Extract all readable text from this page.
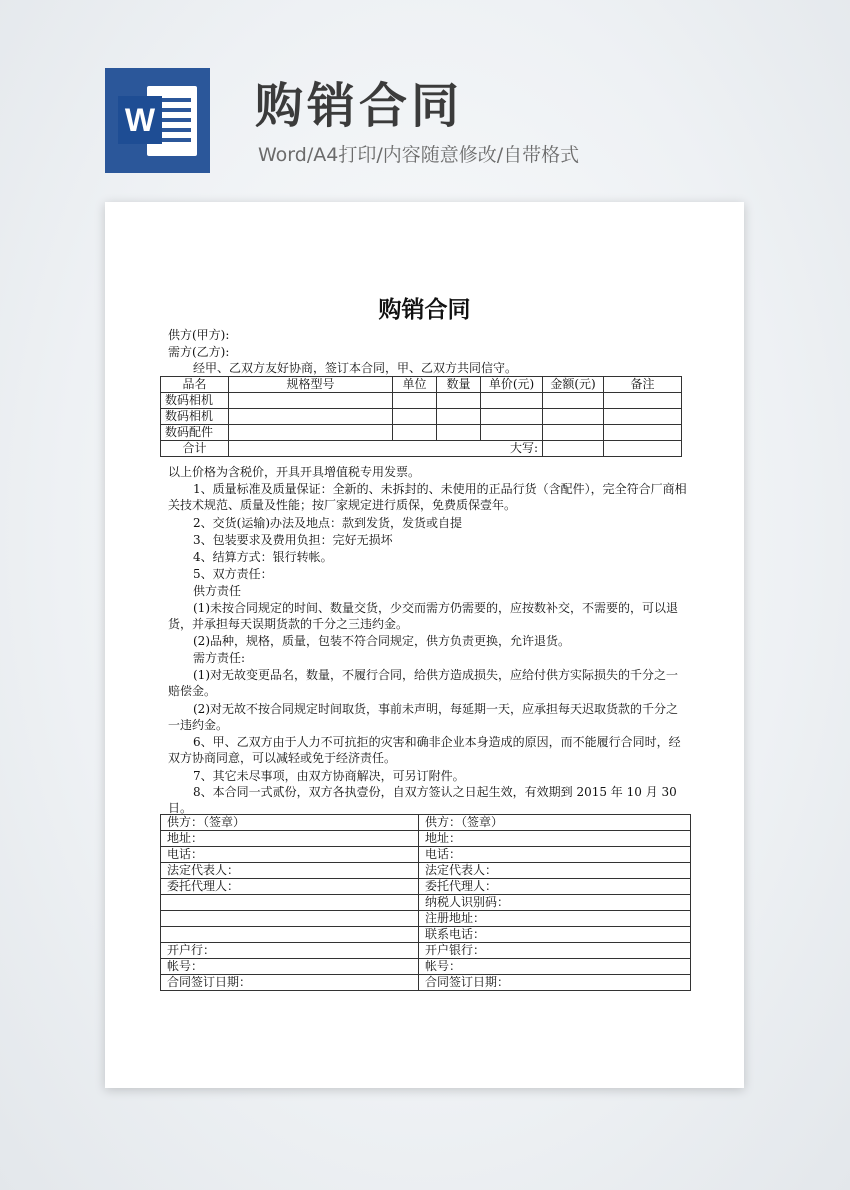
W 购销合同

Word/A4打印/内容随意修改/自带格式

购销合同

供方(甲方):

需方(乙方):

经甲、乙双方友好协商，签订本合同，甲、乙双方共同信守。

品名	规格型号	单位	数量	单价(元)	金额(元)	备注
数码相机						
数码相机						
数码配件						
合计	大写:					

以上价格为含税价，开具开具增值税专用发票。

1、质量标准及质量保证：全新的、未拆封的、未使用的正品行货（含配件），完全符合厂商相关技术规范、质量及性能；按厂家规定进行质保，免费质保壹年。

2、交货(运输)办法及地点：款到发货，发货或自提

3、包装要求及费用负担：完好无损坏

4、结算方式：银行转帐。

5、双方责任：

供方责任

(1)未按合同规定的时间、数量交货，少交而需方仍需要的，应按数补交，不需要的，可以退货，并承担每天误期货款的千分之三违约金。

(2)品种，规格，质量，包装不符合同规定，供方负责更换，允许退货。

需方责任:

(1)对无故变更品名，数量，不履行合同，给供方造成损失，应给付供方实际损失的千分之一赔偿金。

(2)对无故不按合同规定时间取货，事前未声明，每延期一天，应承担每天迟取货款的千分之一违约金。

6、甲、乙双方由于人力不可抗拒的灾害和确非企业本身造成的原因，而不能履行合同时，经双方协商同意，可以减轻或免于经济责任。

7、其它未尽事项，由双方协商解决，可另订附件。

8、本合同一式贰份，双方各执壹份，自双方签认之日起生效，有效期到 2015 年 10 月 30 日。

供方：（签章）	供方：（签章）
地址：	地址：
电话：	电话：
法定代表人：	法定代表人：
委托代理人：	委托代理人：
	纳税人识别码：
	注册地址：
	联系电话：
开户行：	开户银行：
帐号：	帐号：
合同签订日期：	合同签订日期：
